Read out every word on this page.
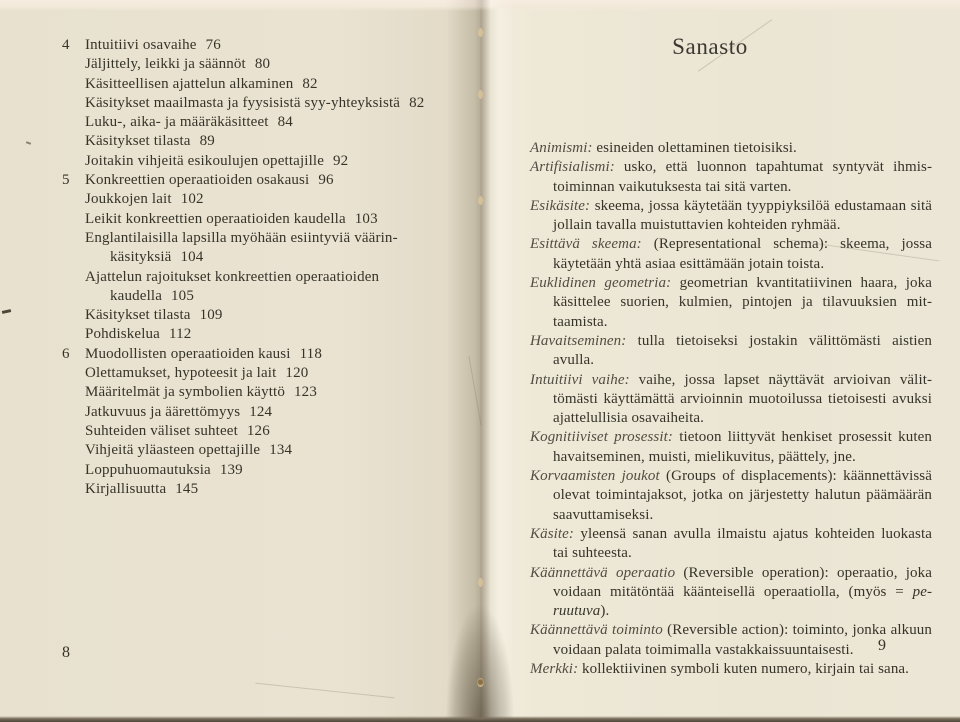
4 Intuitiivi osavaihe 76
Jäljittely, leikki ja säännöt 80
Käsitteellisen ajattelun alkaminen 82
Käsitykset maailmasta ja fyysisistä syy-yhteyksistä 82
Luku-, aika- ja määräkäsitteet 84
Käsitykset tilasta 89
Joitakin vihjeitä esikoulujen opettajille 92
5 Konkreettien operaatioiden osakausi 96
Joukkojen lait 102
Leikit konkreettien operaatioiden kaudella 103
Englantilaisilla lapsilla myöhään esiintyviä väärin-
käsityksiä 104
Ajattelun rajoitukset konkreettien operaatioiden
kaudella 105
Käsitykset tilasta 109
Pohdiskelua 112
6 Muodollisten operaatioiden kausi 118
Olettamukset, hypoteesit ja lait 120
Määritelmät ja symbolien käyttö 123
Jatkuvuus ja äärettömyys 124
Suhteiden väliset suhteet 126
Vihjeitä yläasteen opettajille 134
Loppuhuomautuksia 139
Kirjallisuutta 145
8
Sanasto

Animismi: esineiden olettaminen tietoisiksi.

Artifisialismi: usko, että luonnon tapahtumat syntyvät ihmistoiminnan vaikutuksesta tai sitä varten.

Esikäsite: skeema, jossa käytetään tyyppiyksilöä edustamaan sitä jollain tavalla muistuttavien kohteiden ryhmää.

Esittävä skeema: (Representational schema): skeema, jossa käytetään yhtä asiaa esittämään jotain toista.

Euklidinen geometria: geometrian kvantitatiivinen haara, joka käsittelee suorien, kulmien, pintojen ja tilavuuksien mittaamista.

Havaitseminen: tulla tietoiseksi jostakin välittömästi aistien avulla.

Intuitiivi vaihe: vaihe, jossa lapset näyttävät arvioivan välittömästi käyttämättä arvioinnin muotoilussa tietoisesti avuksi ajattelullisia osavaiheita.

Kognitiiviset prosessit: tietoon liittyvät henkiset prosessit kuten havaitseminen, muisti, mielikuvitus, päättely, jne.

Korvaamisten joukot (Groups of displacements): käännettävissä olevat toimintajaksot, jotka on järjestetty halutun päämäärän saavuttamiseksi.

Käsite: yleensä sanan avulla ilmaistu ajatus kohteiden luokasta tai suhteesta.

Käännettävä operaatio (Reversible operation): operaatio, joka voidaan mitätöntää käänteisellä operaatiolla, (myös = peruutuva).

Käännettävä toiminto (Reversible action): toiminto, jonka alkuun voidaan palata toimimalla vastakkaissuuntaisesti.

Merkki: kollektiivinen symboli kuten numero, kirjain tai sana.

9
